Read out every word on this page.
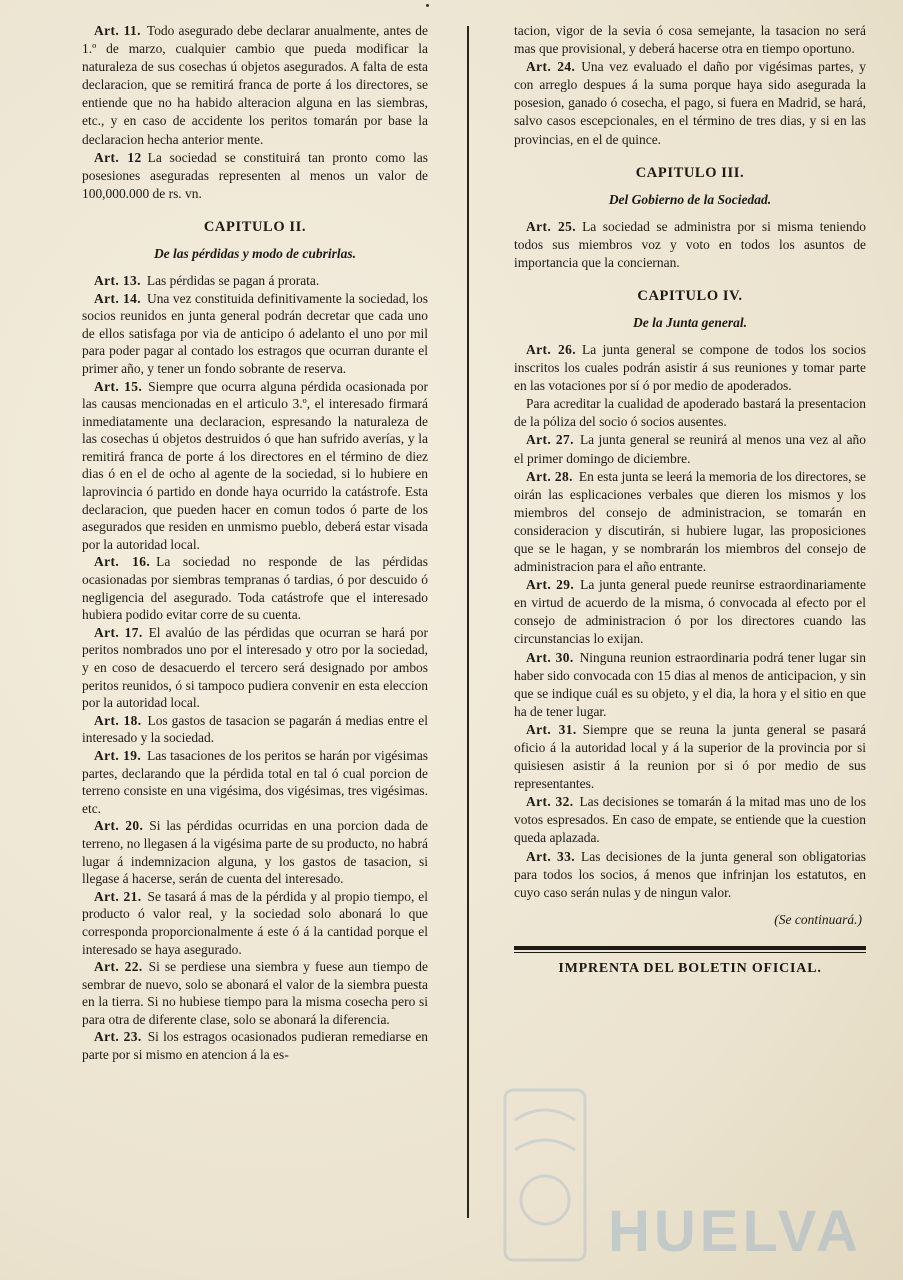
Art. 11. Todo asegurado debe declarar anualmente, antes de 1.º de marzo, cualquier cambio que pueda modificar la naturaleza de sus cosechas ú objetos asegurados. A falta de esta declaracion, que se remitirá franca de porte á los directores, se entiende que no ha habido alteracion alguna en las siembras, etc., y en caso de accidente los peritos tomarán por base la declaracion hecha anterior mente.

Art. 12 La sociedad se constituirá tan pronto como las posesiones aseguradas representen al menos un valor de 100,000.000 de rs. vn.

CAPITULO II.
De las pérdidas y modo de cubrirlas.

Art. 13. Las pérdidas se pagan á prorata.

Art. 14. Una vez constituida definitivamente la sociedad, los socios reunidos en junta general podrán decretar que cada uno de ellos satisfaga por via de anticipo ó adelanto el uno por mil para poder pagar al contado los estragos que ocurran durante el primer año, y tener un fondo sobrante de reserva.

Art. 15. Siempre que ocurra alguna pérdida ocasionada por las causas mencionadas en el articulo 3.º, el interesado firmará inmediatamente una declaracion, espresando la naturaleza de las cosechas ú objetos destruidos ó que han sufrido averías, y la remitirá franca de porte á los directores en el término de diez dias ó en el de ocho al agente de la sociedad, si lo hubiere en laprovincia ó partido en donde haya ocurrido la catástrofe. Esta declaracion, que pueden hacer en comun todos ó parte de los asegurados que residen en unmismo pueblo, deberá estar visada por la autoridad local.

Art. 16. La sociedad no responde de las pérdidas ocasionadas por siembras tempranas ó tardias, ó por descuido ó negligencia del asegurado. Toda catástrofe que el interesado hubiera podido evitar corre de su cuenta.

Art. 17. El avalúo de las pérdidas que ocurran se hará por peritos nombrados uno por el interesado y otro por la sociedad, y en coso de desacuerdo el tercero será designado por ambos peritos reunidos, ó si tampoco pudiera convenir en esta eleccion por la autoridad local.

Art. 18. Los gastos de tasacion se pagarán á medias entre el interesado y la sociedad.

Art. 19. Las tasaciones de los peritos se harán por vigésimas partes, declarando que la pérdida total en tal ó cual porcion de terreno consiste en una vigésima, dos vigésimas, tres vigésimas. etc.

Art. 20. Si las pérdidas ocurridas en una porcion dada de terreno, no llegasen á la vigésima parte de su producto, no habrá lugar á indemnizacion alguna, y los gastos de tasacion, si llegase á hacerse, serán de cuenta del interesado.

Art. 21. Se tasará á mas de la pérdida y al propio tiempo, el producto ó valor real, y la sociedad solo abonará lo que corresponda proporcionalmente á este ó á la cantidad porque el interesado se haya asegurado.

Art. 22. Si se perdiese una siembra y fuese aun tiempo de sembrar de nuevo, solo se abonará el valor de la siembra puesta en la tierra. Si no hubiese tiempo para la misma cosecha pero si para otra de diferente clase, solo se abonará la diferencia.

Art. 23. Si los estragos ocasionados pudieran remediarse en parte por si mismo en atencion á la es-

tacion, vigor de la sevia ó cosa semejante, la tasacion no será mas que provisional, y deberá hacerse otra en tiempo oportuno.

Art. 24. Una vez evaluado el daño por vigésimas partes, y con arreglo despues á la suma porque haya sido asegurada la posesion, ganado ó cosecha, el pago, si fuera en Madrid, se hará, salvo casos escepcionales, en el término de tres dias, y si en las provincias, en el de quince.

CAPITULO III.
Del Gobierno de la Sociedad.

Art. 25. La sociedad se administra por si misma teniendo todos sus miembros voz y voto en todos los asuntos de importancia que la conciernan.

CAPITULO IV.
De la Junta general.

Art. 26. La junta general se compone de todos los socios inscritos los cuales podrán asistir á sus reuniones y tomar parte en las votaciones por sí ó por medio de apoderados.

Para acreditar la cualidad de apoderado bastará la presentacion de la póliza del socio ó socios ausentes.

Art. 27. La junta general se reunirá al menos una vez al año el primer domingo de diciembre.

Art. 28. En esta junta se leerá la memoria de los directores, se oirán las esplicaciones verbales que dieren los mismos y los miembros del consejo de administracion, se tomarán en consideracion y discutirán, si hubiere lugar, las proposiciones que se le hagan, y se nombrarán los miembros del consejo de administracion para el año entrante.

Art. 29. La junta general puede reunirse estraordinariamente en virtud de acuerdo de la misma, ó convocada al efecto por el consejo de administracion ó por los directores cuando las circunstancias lo exijan.

Art. 30. Ninguna reunion estraordinaria podrá tener lugar sin haber sido convocada con 15 dias al menos de anticipacion, y sin que se indique cuál es su objeto, y el dia, la hora y el sitio en que ha de tener lugar.

Art. 31. Siempre que se reuna la junta general se pasará oficio á la autoridad local y á la superior de la provincia por si quisiesen asistir á la reunion por si ó por medio de sus representantes.

Art. 32. Las decisiones se tomarán á la mitad mas uno de los votos espresados. En caso de empate, se entiende que la cuestion queda aplazada.

Art. 33. Las decisiones de la junta general son obligatorias para todos los socios, á menos que infrinjan los estatutos, en cuyo caso serán nulas y de ningun valor.

(Se continuará.)
IMPRENTA DEL BOLETIN OFICIAL.
HUELVA
